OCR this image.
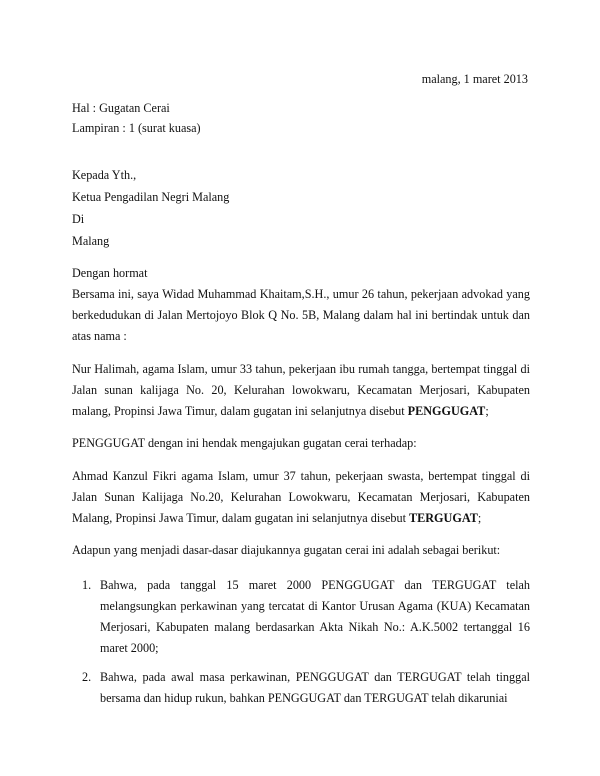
malang, 1 maret 2013
Hal : Gugatan Cerai
Lampiran : 1 (surat kuasa)
Kepada Yth.,
Ketua Pengadilan Negri Malang
Di
Malang
Dengan hormat
Bersama ini, saya Widad Muhammad Khaitam,S.H., umur 26 tahun, pekerjaan advokad yang berkedudukan di Jalan Mertojoyo Blok Q No. 5B, Malang dalam hal ini bertindak untuk dan atas nama :
Nur Halimah, agama Islam, umur 33 tahun, pekerjaan ibu rumah tangga, bertempat tinggal di Jalan sunan kalijaga No. 20, Kelurahan lowokwaru, Kecamatan Merjosari, Kabupaten malang, Propinsi Jawa Timur, dalam gugatan ini selanjutnya disebut PENGGUGAT;
PENGGUGAT dengan ini hendak mengajukan gugatan cerai terhadap:
Ahmad Kanzul Fikri agama Islam, umur 37 tahun, pekerjaan swasta, bertempat tinggal di Jalan Sunan Kalijaga No.20, Kelurahan Lowokwaru, Kecamatan Merjosari, Kabupaten Malang, Propinsi Jawa Timur, dalam gugatan ini selanjutnya disebut TERGUGAT;
Adapun yang menjadi dasar-dasar diajukannya gugatan cerai ini adalah sebagai berikut:
1. Bahwa, pada tanggal 15 maret 2000 PENGGUGAT dan TERGUGAT telah melangsungkan perkawinan yang tercatat di Kantor Urusan Agama (KUA) Kecamatan Merjosari, Kabupaten malang berdasarkan Akta Nikah No.: A.K.5002 tertanggal 16 maret 2000;
2. Bahwa, pada awal masa perkawinan, PENGGUGAT dan TERGUGAT telah tinggal bersama dan hidup rukun, bahkan PENGGUGAT dan TERGUGAT telah dikaruniai
